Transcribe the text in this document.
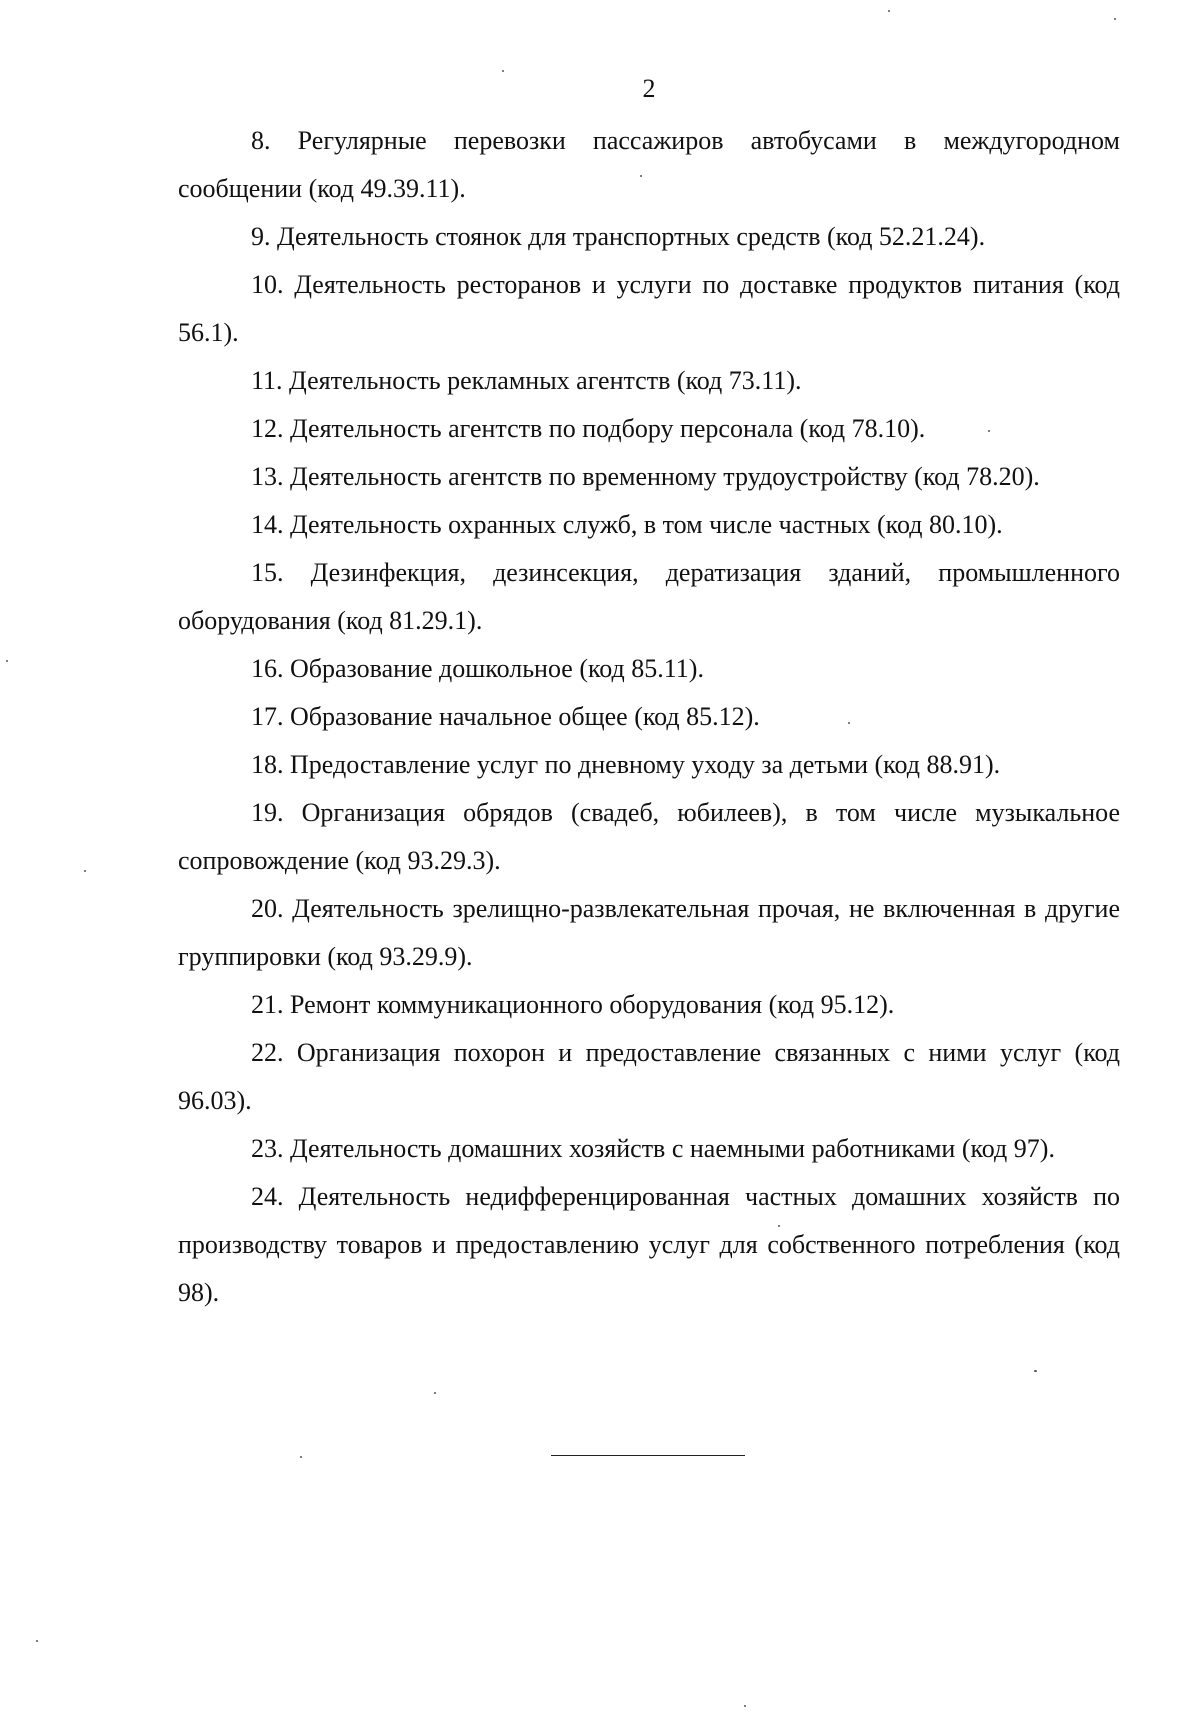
2

8. Регулярные перевозки пассажиров автобусами в междугородном сообщении (код 49.39.11).

9. Деятельность стоянок для транспортных средств (код 52.21.24).

10. Деятельность ресторанов и услуги по доставке продуктов питания (код 56.1).

11. Деятельность рекламных агентств (код 73.11).

12. Деятельность агентств по подбору персонала (код 78.10).

13. Деятельность агентств по временному трудоустройству (код 78.20).

14. Деятельность охранных служб, в том числе частных (код 80.10).

15. Дезинфекция, дезинсекция, дератизация зданий, промышленного оборудования (код 81.29.1).

16. Образование дошкольное (код 85.11).

17. Образование начальное общее (код 85.12).

18. Предоставление услуг по дневному уходу за детьми (код 88.91).

19. Организация обрядов (свадеб, юбилеев), в том числе музыкальное сопровождение (код 93.29.3).

20. Деятельность зрелищно-развлекательная прочая, не включенная в другие группировки (код 93.29.9).

21. Ремонт коммуникационного оборудования (код 95.12).

22. Организация похорон и предоставление связанных с ними услуг (код 96.03).

23. Деятельность домашних хозяйств с наемными работниками (код 97).

24. Деятельность недифференцированная частных домашних хозяйств по производству товаров и предоставлению услуг для собственного потребления (код 98).
